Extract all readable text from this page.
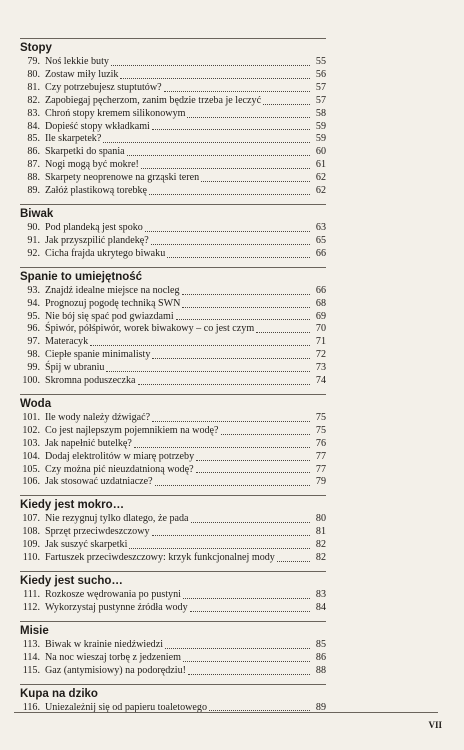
Stopy
79. Noś lekkie buty	55
80. Zostaw miły luzik	56
81. Czy potrzebujesz stuptutów?	57
82. Zapobiegaj pęcherzom, zanim będzie trzeba je leczyć	57
83. Chroń stopy kremem silikonowym	58
84. Dopieść stopy wkładkami	59
85. Ile skarpetek?	59
86. Skarpetki do spania	60
87. Nogi mogą być mokre!	61
88. Skarpety neoprenowe na grząski teren	62
89. Załóż plastikową torebkę	62
Biwak
90. Pod plandeką jest spoko	63
91. Jak przyszpilić plandekę?	65
92. Cicha frajda ukrytego biwaku	66
Spanie to umiejętność
93. Znajdź idealne miejsce na nocleg	66
94. Prognozuj pogodę techniką SWN	68
95. Nie bój się spać pod gwiazdami	69
96. Śpiwór, półśpiwór, worek biwakowy – co jest czym	70
97. Materacyk	71
98. Ciepłe spanie minimalisty	72
99. Śpij w ubraniu	73
100. Skromna poduszeczka	74
Woda
101. Ile wody należy dźwigać?	75
102. Co jest najlepszym pojemnikiem na wodę?	75
103. Jak napełnić butelkę?	76
104. Dodaj elektrolitów w miarę potrzeby	77
105. Czy można pić nieuzdatnioną wodę?	77
106. Jak stosować uzdatniacze?	79
Kiedy jest mokro…
107. Nie rezygnuj tylko dlatego, że pada	80
108. Sprzęt przeciwdeszczowy	81
109. Jak suszyć skarpetki	82
110. Fartuszek przeciwdeszczowy: krzyk funkcjonalnej mody	82
Kiedy jest sucho…
111. Rozkosze wędrowania po pustyni	83
112. Wykorzystaj pustynne źródła wody	84
Misie
113. Biwak w krainie niedźwiedzi	85
114. Na noc wieszaj torbę z jedzeniem	86
115. Gaz (antymisiowy) na podorędziu!	88
Kupa na dziko
116. Uniezależnij się od papieru toaletowego	89
VII
